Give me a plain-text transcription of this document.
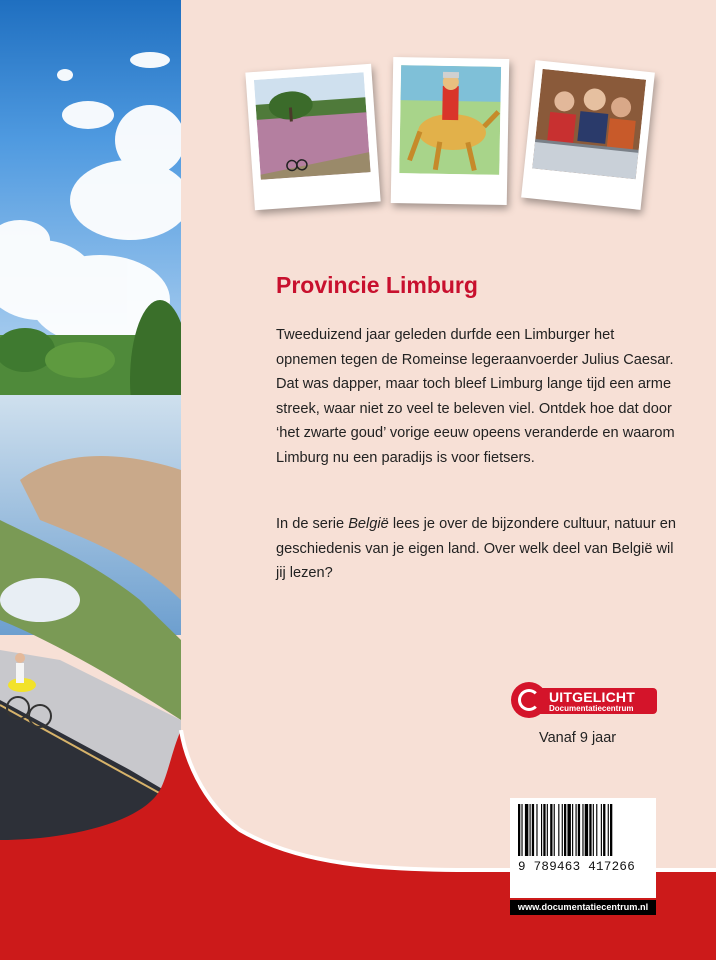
Provincie Limburg

Tweeduizend jaar geleden durfde een Limburger het opnemen tegen de Romeinse legeraanvoerder Julius Caesar. Dat was dapper, maar toch bleef Limburg lange tijd een arme streek, waar niet zo veel te beleven viel. Ontdek hoe dat door ‘het zwarte goud’ vorige eeuw opeens veranderde en waarom Limburg nu een paradijs is voor fietsers.

In de serie België lees je over de bijzondere cultuur, natuur en geschiedenis van je eigen land. Over welk deel van België wil jij lezen?

UITGELICHT
Documentatiecentrum
Vanaf 9 jaar
9 789463 417266
www.documentatiecentrum.nl
